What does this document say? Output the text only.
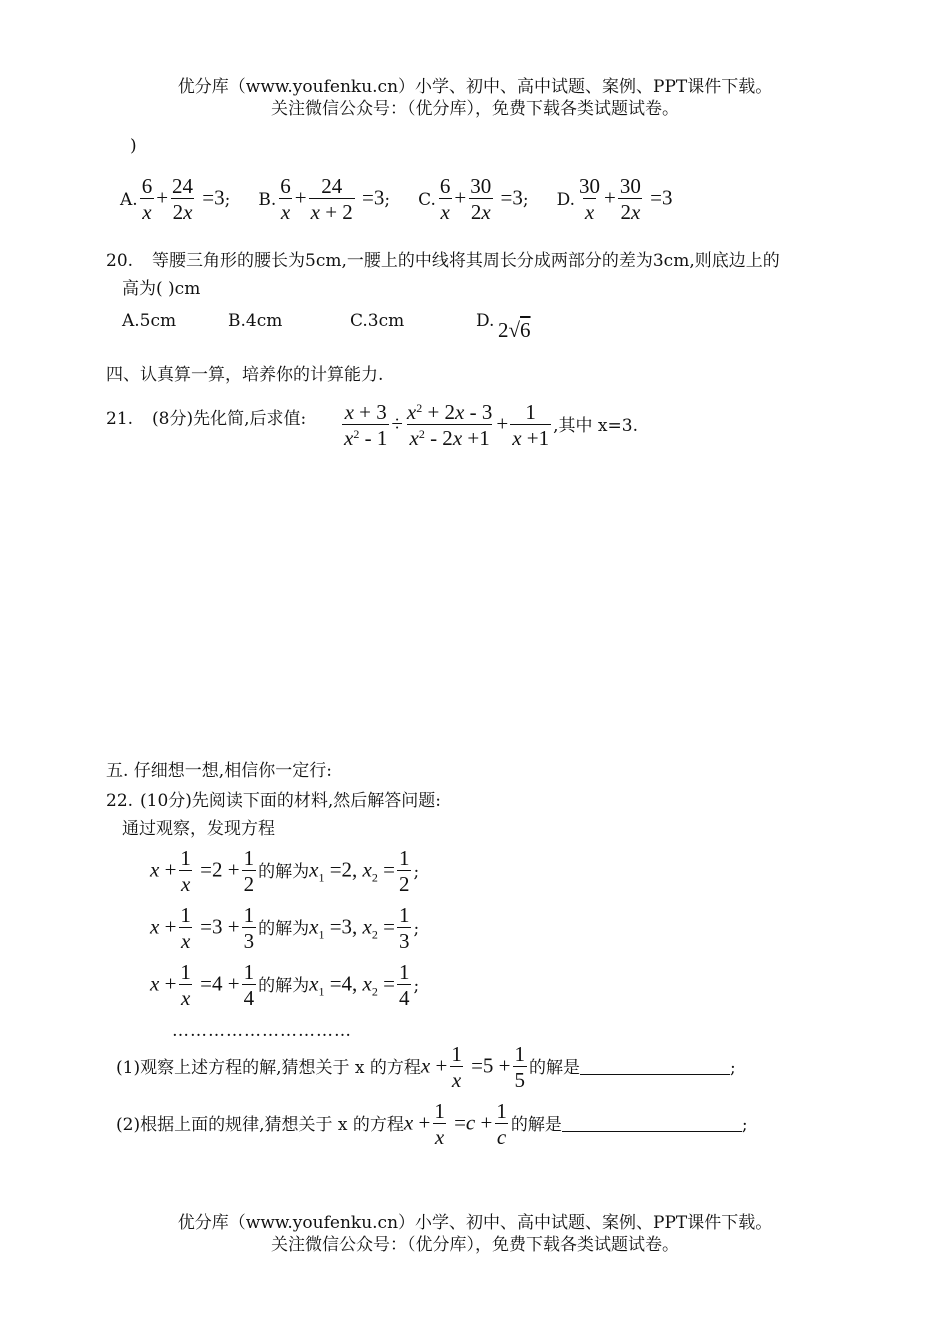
优分库（www.youfenku.cn）小学、初中、高中试题、案例、PPT课件下载。
关注微信公众号：（优分库），免费下载各类试题试卷。
)
A. $\frac{6}{x} + \frac{24}{2x} =3$ ; B. $\frac{6}{x} + \frac{24}{x + 2} =3$ ; C. $\frac{6}{x} + \frac{30}{2x} =3$ ; D. $\frac{30}{x} + \frac{30}{2x} =3$
20. 等腰三角形的腰长为5cm,一腰上的中线将其周长分成两部分的差为3cm,则底边上的
高为( )cm
A.5cm	B.4cm	C.3cm	D. 2√6
四、认真算一算，培养你的计算能力.
21. (8分)先化简,后求值: $\frac{x + 3}{x^2 - 1} \div \frac{x^2 + 2x - 3}{x^2 - 2x +1} + \frac{1}{x +1}$ ,其中 x=3.
五. 仔细想一想,相信你一定行:
22. (10分)先阅读下面的材料,然后解答问题:
通过观察，发现方程
$x + \frac{1}{x} =2 + \frac{1}{2}$ 的解为 $x_1 =2$, $x_2 = \frac{1}{2}$ ;
$x + \frac{1}{x} =3 + \frac{1}{3}$ 的解为 $x_1 =3$, $x_2 = \frac{1}{3}$ ;
$x + \frac{1}{x} =4 + \frac{1}{4}$ 的解为 $x_1 =4$, $x_2 = \frac{1}{4}$ ;
…………………………
(1)观察上述方程的解,猜想关于 x 的方程 $x + \frac{1}{x} =5 + \frac{1}{5}$ 的解是	;
(2)根据上面的规律,猜想关于 x 的方程 $x + \frac{1}{x} =c + \frac{1}{c}$ 的解是	;
优分库（www.youfenku.cn）小学、初中、高中试题、案例、PPT课件下载。
关注微信公众号：（优分库），免费下载各类试题试卷。
